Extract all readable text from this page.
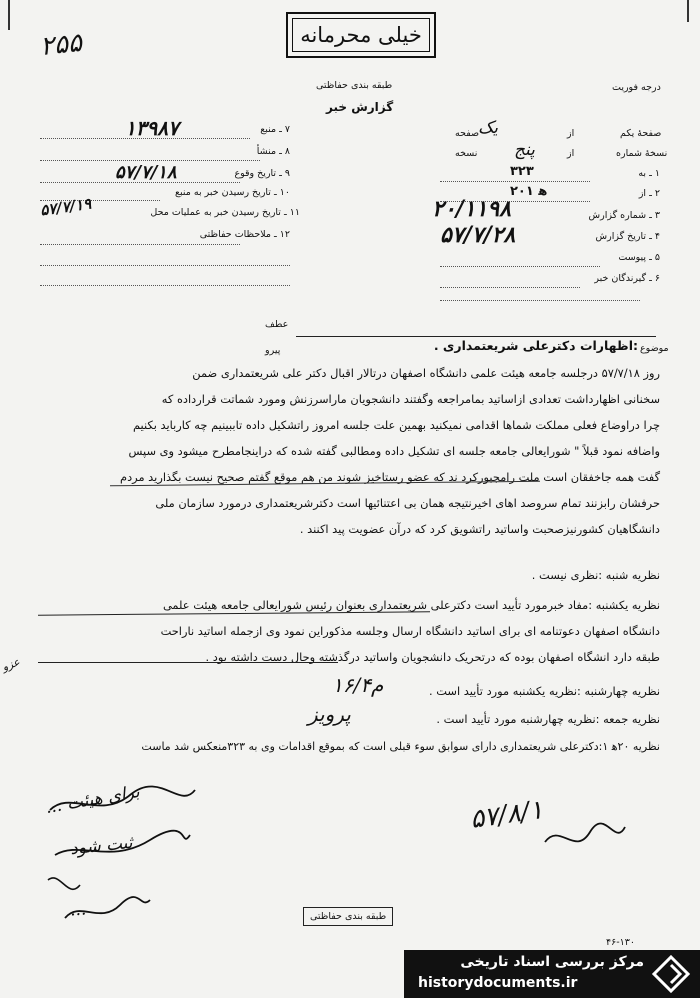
۲۵۵	خیلی محرمانه
درجه فوریت
طبقه بندی حفاظتی
گزارش خبر
۷ ـ منبع
۱۳۹۸۷
۸ ـ منشأ
۹ ـ تاریخ وقوع
۵۷/۷/۱۸
۱۰ ـ تاریخ رسیدن خبر به منبع
۱۱ ـ تاریخ رسیدن خبر به عملیات محل
۵۷/۷/۱۹
۱۲ ـ ملاحظات حفاظتی
صفحهٔ یکم
از
صفحه
یک
نسخهٔ شماره
از
نسخه پنج
۱ ـ به
۳۲۳
۲ ـ از
۲۰ه‍ ۱
۳ ـ شماره گزارش
۲۰/۱۱۹۸
۴ ـ تاریخ گزارش
۵۷/۷/۲۸
۵ ـ پیوست
۶ ـ گیرندگان خبر
عطف
پیرو	موضوع
:اظهارات دکترعلی شریعتمداری .
روز ۵۷/۷/۱۸ درجلسه جامعه هیئت علمی دانشگاه اصفهان درتالار اقبال دکتر علی شریعتمداری ضمن
سخنانی اظهارداشت تعدادی ازاساتید بمامراجعه وگفتند دانشجویان ماراسرزنش ومورد شماتت قرارداده که
چرا دراوضاع فعلی مملکت شماها اقدامی نمیکنید بهمین علت جلسه امروز راتشکیل داده تاببینیم چه کارباید بکنیم
واضافه نمود قبلاً " شورایعالی جامعه جلسه ای تشکیل داده ومطالبی گفته شده که دراینجامطرح میشود وی سپس
گفت همه جاخفقان است ملت رامجبورکرد ند که عضو رستاخیز شوند من هم موقع گفتم صحیح نیست بگذارید مردم
حرفشان رابزنند تمام سروصد اهای اخیرنتیجه همان بی اعتنائیها است دکترشریعتمداری درمورد سازمان ملی
دانشگاهیان کشورنیزصحبت واساتید راتشویق کرد که درآن عضویت پید اکنند .
نظریه شنبه :نظری نیست .
نظریه یکشنبه :مفاد خبرمورد تأیید است دکترعلی شریعتمداری بعنوان رئیس شورایعالی جامعه هیئت علمی
دانشگاه اصفهان دعوتنامه ای برای اساتید دانشگاه ارسال وجلسه مذکوراین نمود وی ازجمله اساتید ناراحت
طبقه دارد انشگاه اصفهان بوده که درتحریک دانشجویان واساتید درگذشته وحال دست داشته بود .
نظریه چهارشنبه :نظریه یکشنبه مورد تأیید است .
۱۶/۴م
نظریه جمعه :نظریه چهارشنبه مورد تأیید است .
پرویز
نظریه ۲۰ه‍ ۱:دکترعلی شریعتمداری دارای سوابق سوء قبلی است که بموقع اقدامات وی به ۳۲۳منعکس شد ماست
عزو
برای هیئت ...
ثبت شود
...
۵۷/۸/۱
طبقه بندی حفاظتی
۴۶-۱۳۰
مرکز بررسی اسناد تاریخی
historydocuments.ir
